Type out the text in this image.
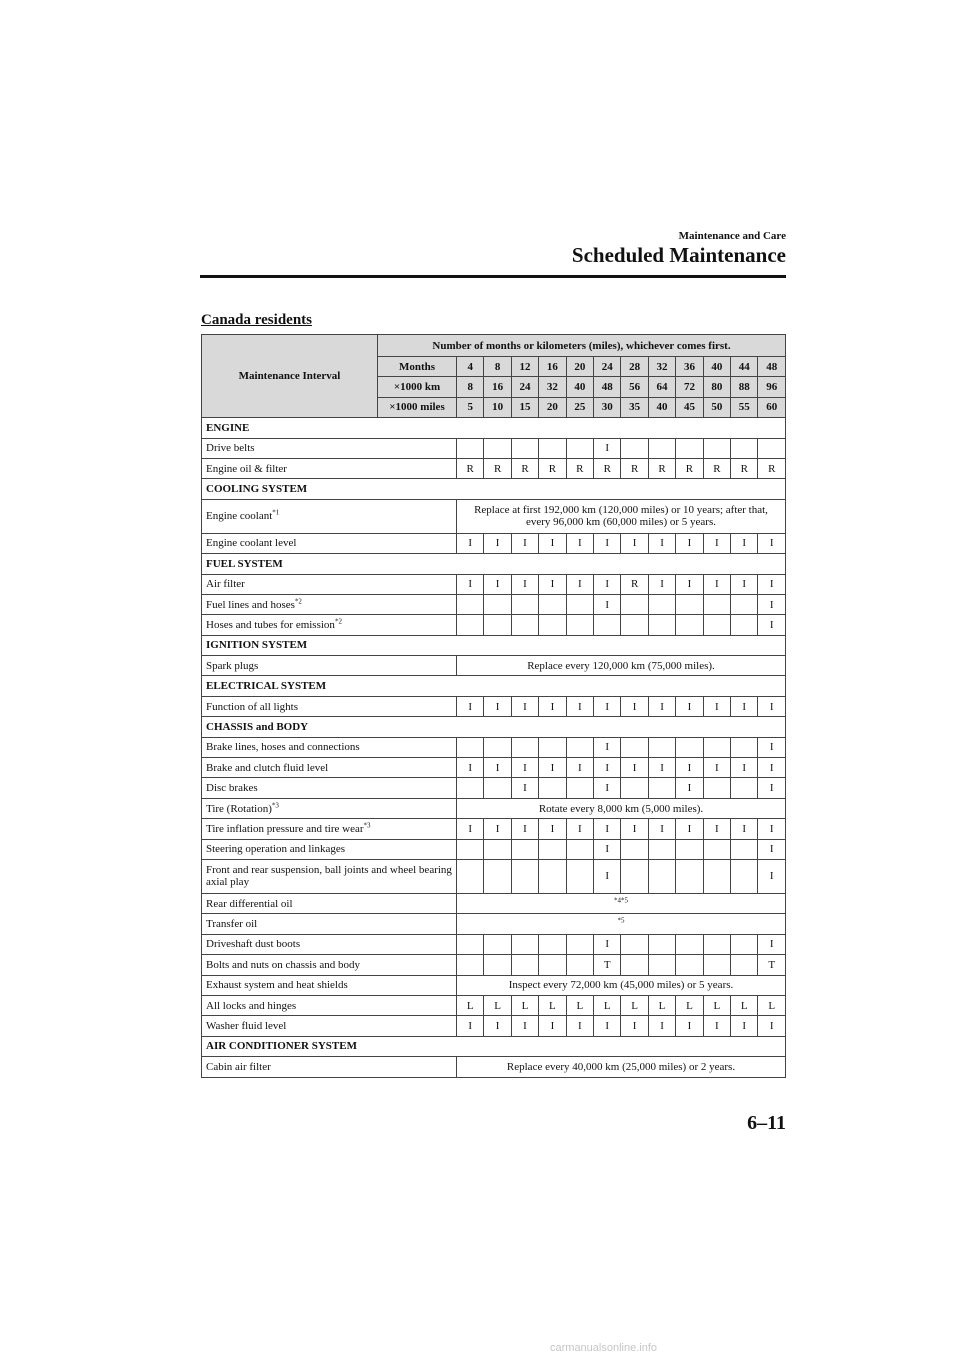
Maintenance and Care
Scheduled Maintenance
Canada residents
Maintenance Interval	Number of months or kilometers (miles), whichever comes first.												
	Months	4	8	12	16	20	24	28	32	36	40	44	48
	×1000 km	8	16	24	32	40	48	56	64	72	80	88	96
	×1000 miles	5	10	15	20	25	30	35	40	45	50	55	60
ENGINE													
Drive belts							I						
Engine oil & filter		R	R	R	R	R	R	R	R	R	R	R	R
COOLING SYSTEM													
Engine coolant$^{*1}$		Replace at first 192,000 km (120,000 miles) or 10 years; after that, every 96,000 km (60,000 miles) or 5 years.											
Engine coolant level		I	I	I	I	I	I	I	I	I	I	I	I
FUEL SYSTEM													
Air filter		I	I	I	I	I	I	R	I	I	I	I	I
Fuel lines and hoses$^{*2}$							I						I
Hoses and tubes for emission$^{*2}$													I
IGNITION SYSTEM													
Spark plugs		Replace every 120,000 km (75,000 miles).											
ELECTRICAL SYSTEM													
Function of all lights		I	I	I	I	I	I	I	I	I	I	I	I
CHASSIS and BODY													
Brake lines, hoses and connections							I						I
Brake and clutch fluid level		I	I	I	I	I	I	I	I	I	I	I	I
Disc brakes				I			I			I			I
Tire (Rotation)$^{*3}$		Rotate every 8,000 km (5,000 miles).											
Tire inflation pressure and tire wear$^{*3}$		I	I	I	I	I	I	I	I	I	I	I	I
Steering operation and linkages							I						I
Front and rear suspension, ball joints and wheel bearing axial play							I						I
Rear differential oil		$^{*4*5}$
Transfer oil		$^{*5}$
Driveshaft dust boots							I						I
Bolts and nuts on chassis and body							T						T
Exhaust system and heat shields		Inspect every 72,000 km (45,000 miles) or 5 years.											
All locks and hinges		L	L	L	L	L	L	L	L	L	L	L	L
Washer fluid level		I	I	I	I	I	I	I	I	I	I	I	I
AIR CONDITIONER SYSTEM													
Cabin air filter		Replace every 40,000 km (25,000 miles) or 2 years.											
6–11
carmanualsonline.info
